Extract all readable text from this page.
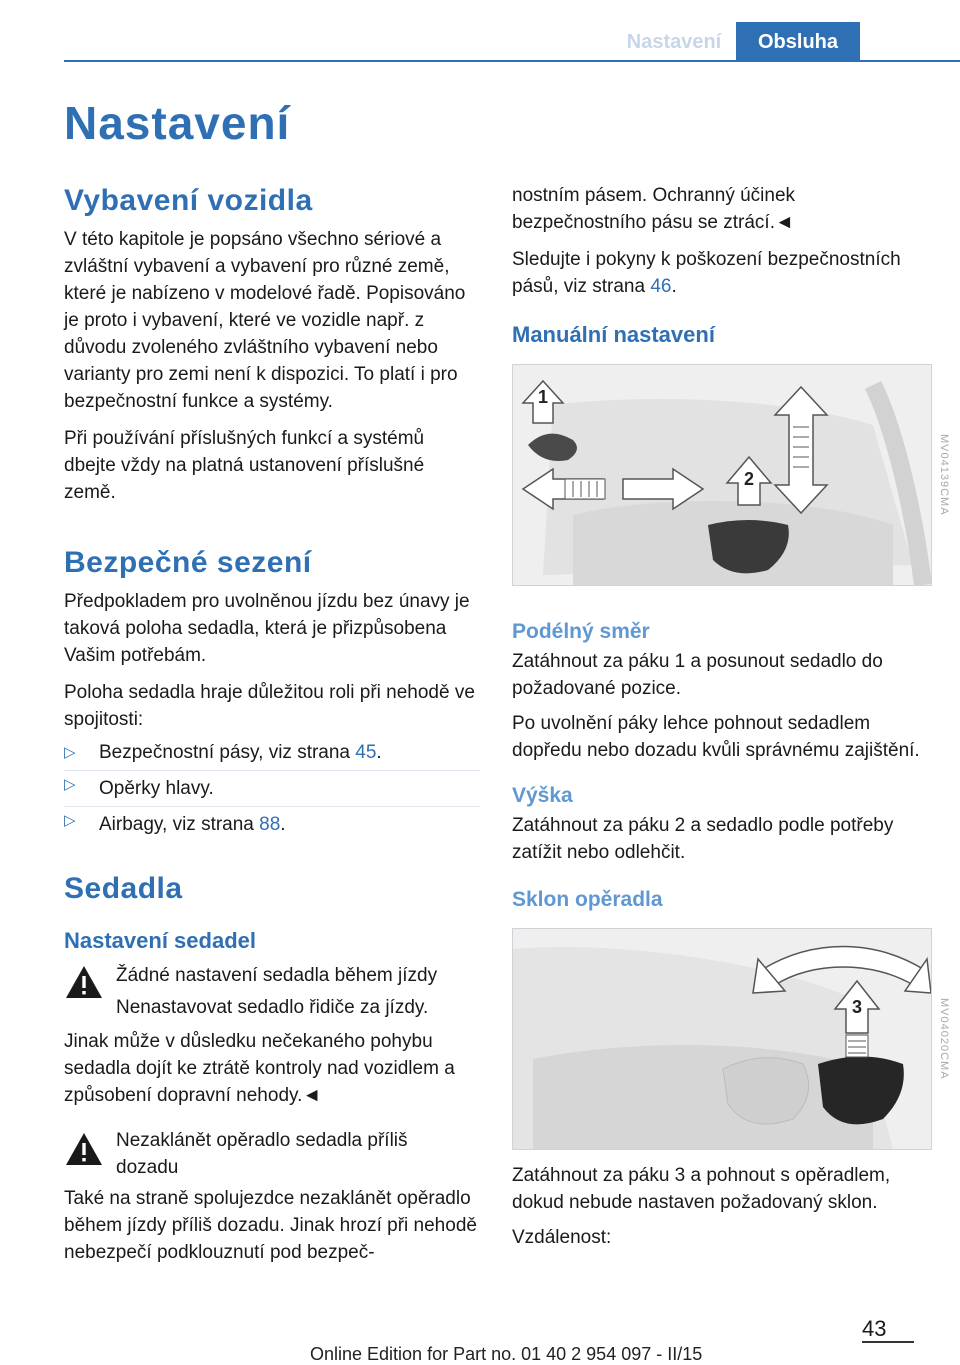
Nastavení	Obsluha
Nastavení
Vybavení vozidla

V této kapitole je popsáno všechno sériové a zvláštní vybavení a vybavení pro různé země, které je nabízeno v modelové řadě. Popisováno je proto i vybavení, které ve vozidle např. z důvodu zvoleného zvláštního vybavení nebo varianty pro zemi není k dispozici. To platí i pro bezpečnostní funkce a systémy.

Při používání příslušných funkcí a systémů dbejte vždy na platná ustanovení příslušné země.

Bezpečné sezení

Předpokladem pro uvolněnou jízdu bez únavy je taková poloha sedadla, která je přizpůsobena Vašim potřebám.

Poloha sedadla hraje důležitou roli při nehodě ve spojitosti:

▷ Bezpečnostní pásy, viz strana 45.
▷ Opěrky hlavy.
▷ Airbagy, viz strana 88.
Sedadla
Nastavení sedadel

Žádné nastavení sedadla během jízdy

Nenastavovat sedadlo řidiče za jízdy.

Jinak může v důsledku nečekaného pohybu sedadla dojít ke ztrátě kontroly nad vozidlem a způsobení dopravní nehody.◄

Nezaklánět opěradlo sedadla příliš dozadu

Také na straně spolujezdce nezaklánět opěradlo během jízdy příliš dozadu. Jinak hrozí při nehodě nebezpečí podklouznutí pod bezpeč-

nostním pásem. Ochranný účinek bezpečnostního pásu se ztrácí.◄

Sledujte i pokyny k poškození bezpečnostních pásů, viz strana 46.

Manuální nastavení
1
2	MV04139CMA
Podélný směr

Zatáhnout za páku 1 a posunout sedadlo do požadované pozice.

Po uvolnění páky lehce pohnout sedadlem dopředu nebo dozadu kvůli správnému zajištění.

Výška

Zatáhnout za páku 2 a sedadlo podle potřeby zatížit nebo odlehčit.

Sklon opěradla
3	MV04020CMA

Zatáhnout za páku 3 a pohnout s opěradlem, dokud nebude nastaven požadovaný sklon.

Vzdálenost:

43
Online Edition for Part no. 01 40 2 954 097 - II/15
